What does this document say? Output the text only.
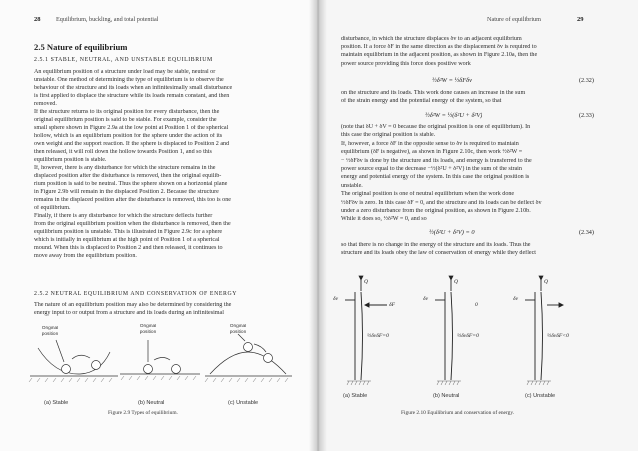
28	Equilibrium, buckling, and total potential
2.5 Nature of equilibrium
2.5.1 STABLE, NEUTRAL, AND UNSTABLE EQUILIBRIUM
An equilibrium position of a structure under load may be stable, neutral or
unstable. One method of determining the type of equilibrium is to observe the
behaviour of the structure and its loads when an infinitesimally small disturbance
is first applied to displace the structure while its loads remain constant, and then
removed.
If the structure returns to its original position for every disturbance, then the
original equilibrium position is said to be stable. For example, consider the
small sphere shown in Figure 2.9a at the low point at Position 1 of the spherical
hollow, which is an equilibrium position for the sphere under the action of its
own weight and the support reaction. If the sphere is displaced to Position 2 and
then released, it will roll down the hollow towards Position 1, and so this
equilibrium position is stable.
If, however, there is any disturbance for which the structure remains in the
displaced position after the disturbance is removed, then the original equilib-
rium position is said to be neutral. Thus the sphere shown on a horizontal plane
in Figure 2.9b will remain in the displaced Position 2. Because the structure
remains in the displaced position after the disturbance is removed, this too is one
of equilibrium.
Finally, if there is any disturbance for which the structure deflects further
from the original equilibrium position when the disturbance is removed, then the
equilibrium position is unstable. This is illustrated in Figure 2.9c for a sphere
which is initially in equilibrium at the high point of Position 1 of a spherical
mound. When this is displaced to Position 2 and then released, it continues to
move away from the equilibrium position.
2.5.2 NEUTRAL EQUILIBRIUM AND CONSERVATION OF ENERGY
The nature of an equilibrium position may also be determined by considering the
energy input to or output from a structure and its loads during an infinitesimal
Original
position
Original
position
Original
position
(a) Stable	(b) Neutral	(c) Unstable
Figure 2.9 Types of equilibrium.
Nature of equilibrium	29
disturbance, in which the structure displaces δv to an adjacent equilibrium
position. If a force δF in the same direction as the displacement δv is required to
maintain equilibrium in the adjacent position, as shown in Figure 2.10a, then the
power source providing this force does positive work
½δ²W = ½δFδv	(2.32)
on the structure and its loads. This work done causes an increase in the sum
of the strain energy and the potential energy of the system, so that
½δ²W = ½(δ²U + δ²V)	(2.33)
(note that δU + δV = 0 because the original position is one of equilibrium). In
this case the original position is stable.
If, however, a force δF in the opposite sense to δv is required to maintain
equilibrium (δF is negative), as shown in Figure 2.10c, then work ½δ²W =
− ½δFδv is done by the structure and its loads, and energy is transferred to the
power source equal to the decrease −½(δ²U + δ²V) in the sum of the strain
energy and potential energy of the system. In this case the original position is
unstable.
The original position is one of neutral equilibrium when the work done
½δFδv is zero. In this case δF = 0, and the structure and its loads can be deflect δv
under a zero disturbance from the original position, as shown in Figure 2.10b.
While it does so, ½δ²W = 0, and so
½(δ²U + δ²V) = 0	(2.34)
so that there is no change in the energy of the structure and its loads. Thus the
structure and its loads obey the law of conservation of energy while they deflect
Q	Q	Q
δv	δv	δv
δF	0
½δvδF=0	½δvδF=0	½δvδF<0
(a) Stable	(b) Neutral	(c) Unstable
Figure 2.10 Equilibrium and conservation of energy.
